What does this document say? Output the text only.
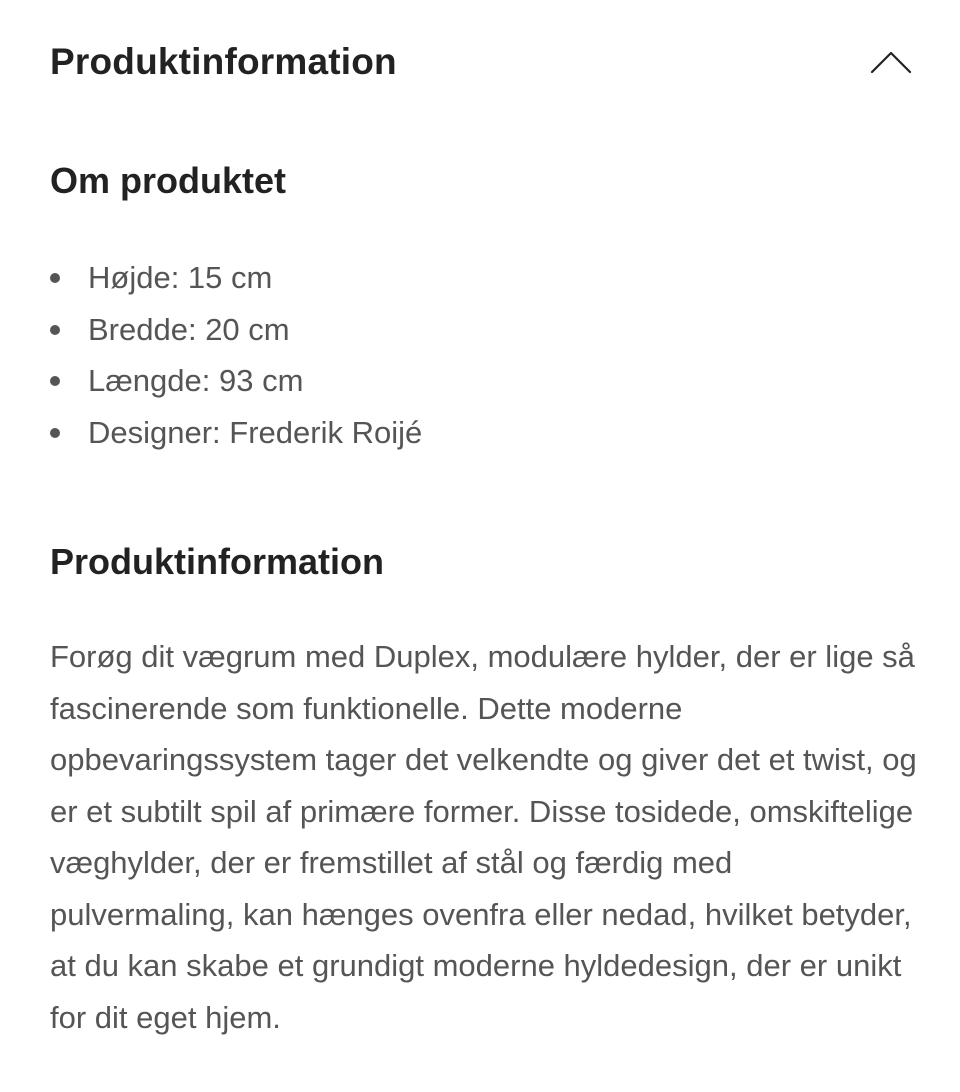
Produktinformation
Om produktet
Højde: 15 cm
Bredde: 20 cm
Længde: 93 cm
Designer: Frederik Roijé
Produktinformation

Forøg dit vægrum med Duplex, modulære hylder, der er lige så fascinerende som funktionelle. Dette moderne opbevaringssystem tager det velkendte og giver det et twist, og er et subtilt spil af primære former. Disse tosidede, omskiftelige væghylder, der er fremstillet af stål og færdig med pulvermaling, kan hænges ovenfra eller nedad, hvilket betyder, at du kan skabe et grundigt moderne hyldedesign, der er unikt for dit eget hjem.
